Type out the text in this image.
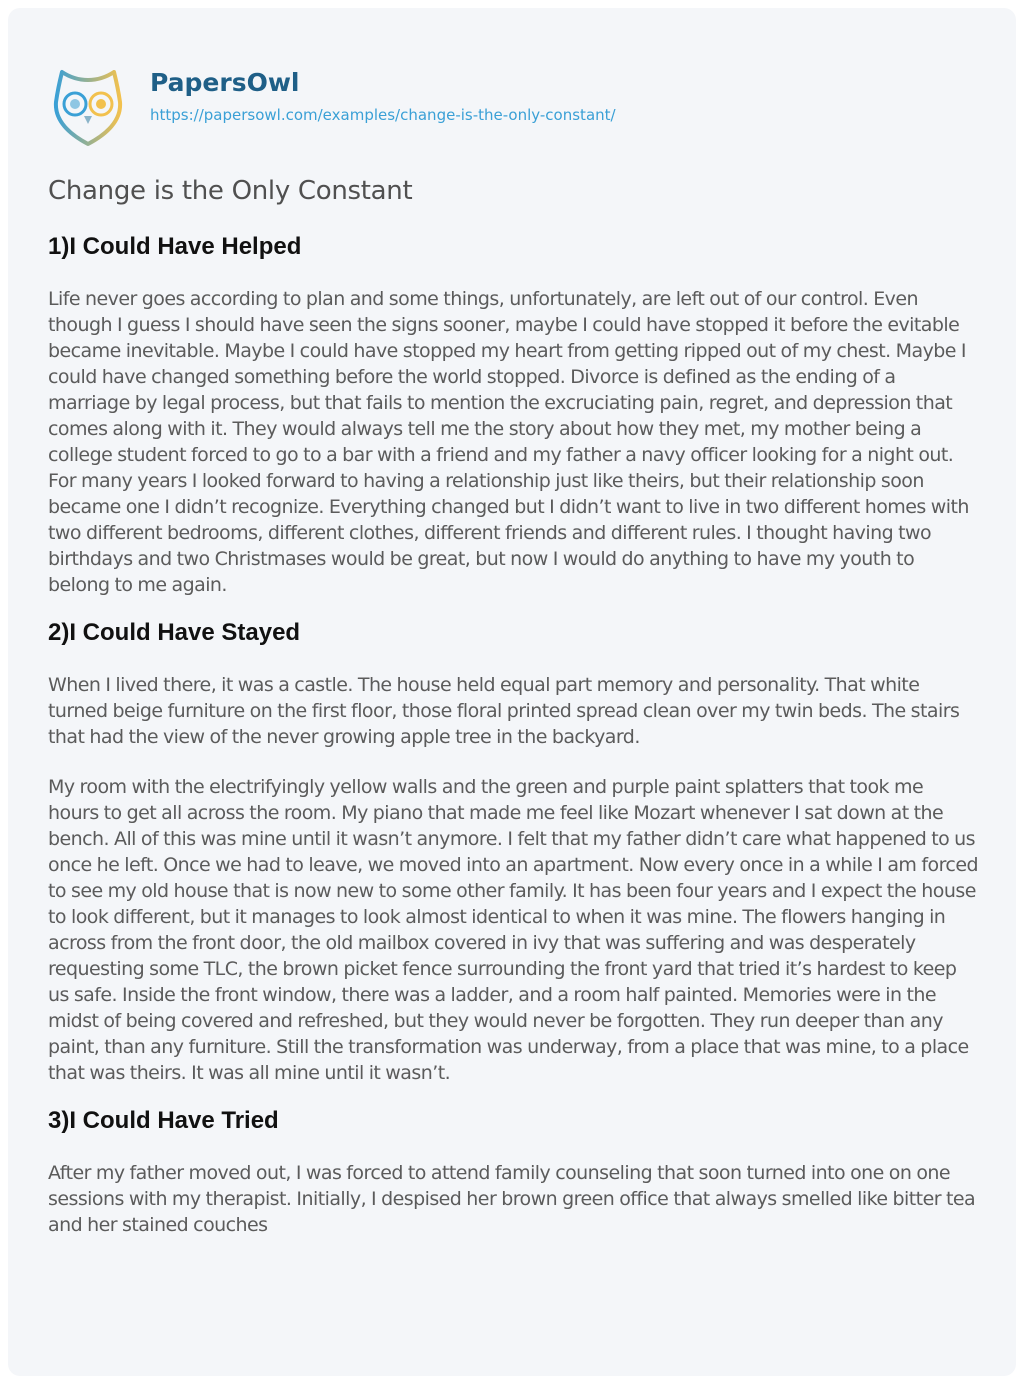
PapersOwl
https://papersowl.com/examples/change-is-the-only-constant/
Change is the Only Constant
1)I Could Have Helped

Life never goes according to plan and some things, unfortunately, are left out of our control. Even though I guess I should have seen the signs sooner, maybe I could have stopped it before the evitable became inevitable. Maybe I could have stopped my heart from getting ripped out of my chest. Maybe I could have changed something before the world stopped. Divorce is defined as the ending of a marriage by legal process, but that fails to mention the excruciating pain, regret, and depression that comes along with it. They would always tell me the story about how they met, my mother being a college student forced to go to a bar with a friend and my father a navy officer looking for a night out. For many years I looked forward to having a relationship just like theirs, but their relationship soon became one I didn’t recognize. Everything changed but I didn’t want to live in two different homes with two different bedrooms, different clothes, different friends and different rules. I thought having two birthdays and two Christmases would be great, but now I would do anything to have my youth to belong to me again.

2)I Could Have Stayed

When I lived there, it was a castle. The house held equal part memory and personality. That white turned beige furniture on the first floor, those floral printed spread clean over my twin beds. The stairs that had the view of the never growing apple tree in the backyard.

My room with the electrifyingly yellow walls and the green and purple paint splatters that took me hours to get all across the room. My piano that made me feel like Mozart whenever I sat down at the bench. All of this was mine until it wasn’t anymore. I felt that my father didn’t care what happened to us once he left. Once we had to leave, we moved into an apartment. Now every once in a while I am forced to see my old house that is now new to some other family. It has been four years and I expect the house to look different, but it manages to look almost identical to when it was mine. The flowers hanging in across from the front door, the old mailbox covered in ivy that was suffering and was desperately requesting some TLC, the brown picket fence surrounding the front yard that tried it’s hardest to keep us safe. Inside the front window, there was a ladder, and a room half painted. Memories were in the midst of being covered and refreshed, but they would never be forgotten. They run deeper than any paint, than any furniture. Still the transformation was underway, from a place that was mine, to a place that was theirs. It was all mine until it wasn’t.

3)I Could Have Tried

After my father moved out, I was forced to attend family counseling that soon turned into one on one sessions with my therapist. Initially, I despised her brown green office that always smelled like bitter tea and her stained couches
